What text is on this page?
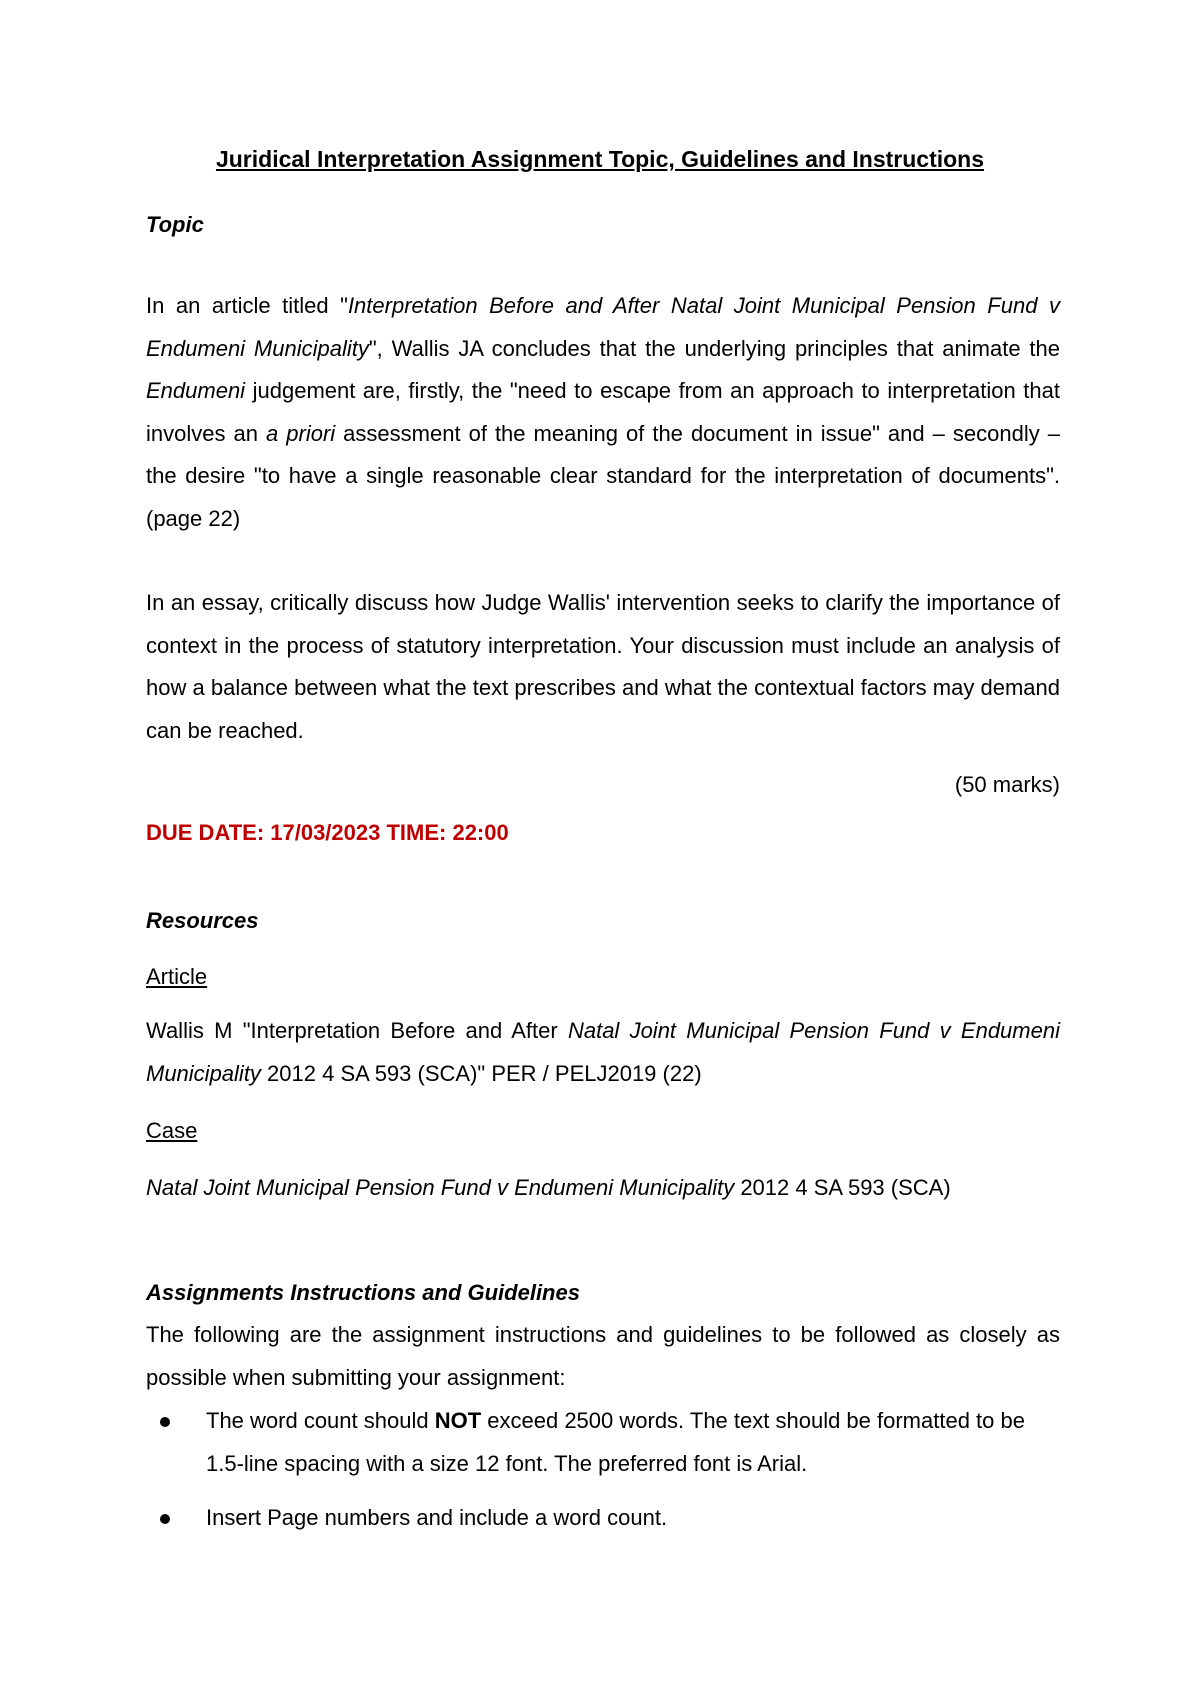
Juridical Interpretation Assignment Topic, Guidelines and Instructions
Topic

In an article titled "Interpretation Before and After Natal Joint Municipal Pension Fund v Endumeni Municipality", Wallis JA concludes that the underlying principles that animate the Endumeni judgement are, firstly, the "need to escape from an approach to interpretation that involves an a priori assessment of the meaning of the document in issue" and – secondly – the desire "to have a single reasonable clear standard for the interpretation of documents". (page 22)

In an essay, critically discuss how Judge Wallis' intervention seeks to clarify the importance of context in the process of statutory interpretation. Your discussion must include an analysis of how a balance between what the text prescribes and what the contextual factors may demand can be reached.

(50 marks)
DUE DATE: 17/03/2023 TIME: 22:00
Resources
Article

Wallis M "Interpretation Before and After Natal Joint Municipal Pension Fund v Endumeni Municipality 2012 4 SA 593 (SCA)" PER / PELJ2019 (22)

Case

Natal Joint Municipal Pension Fund v Endumeni Municipality 2012 4 SA 593 (SCA)

Assignments Instructions and Guidelines

The following are the assignment instructions and guidelines to be followed as closely as possible when submitting your assignment:

The word count should NOT exceed 2500 words. The text should be formatted to be 1.5-line spacing with a size 12 font. The preferred font is Arial.
Insert Page numbers and include a word count.
